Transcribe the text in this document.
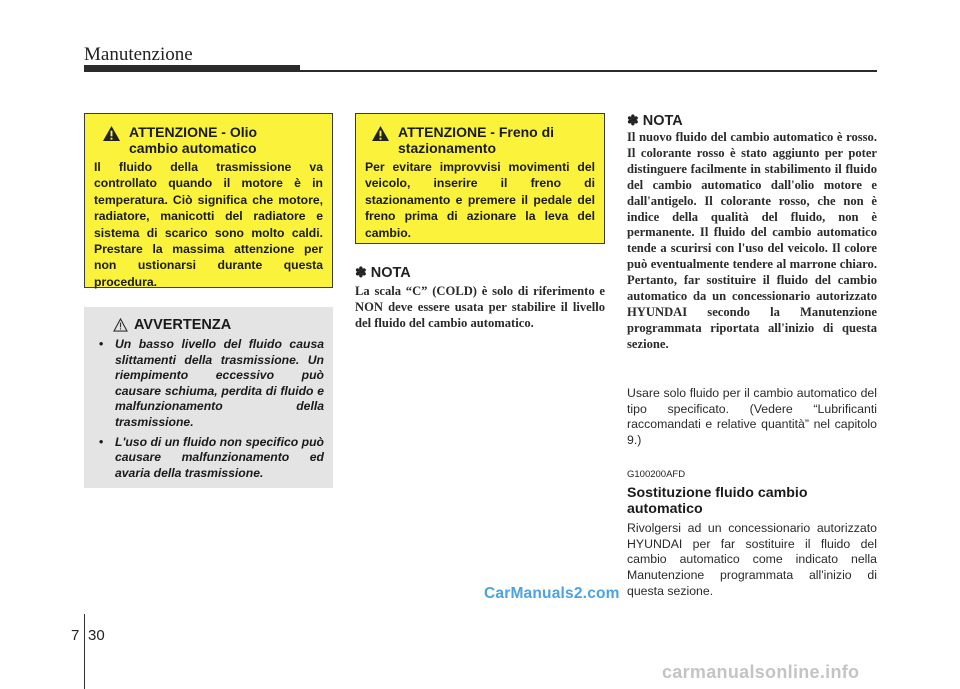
Manutenzione
ATTENZIONE - Olio
cambio automatico
Il fluido della trasmissione va controllato quando il motore è in temperatura. Ciò significa che motore, radiatore, manicotti del radiatore e sistema di scarico sono molto caldi. Prestare la massima attenzione per non ustionarsi durante questa procedura.
AVVERTENZA
• Un basso livello del fluido causa slittamenti della trasmissione. Un riempimento eccessivo può causare schiuma, perdita di fluido e malfunzionamento della trasmissione.
• L'uso di un fluido non specifico può causare malfunzionamento ed avaria della trasmissione.
ATTENZIONE - Freno di
stazionamento
Per evitare improvvisi movimenti del veicolo, inserire il freno di stazionamento e premere il pedale del freno prima di azionare la leva del cambio.
✽ NOTA
La scala “C” (COLD) è solo di riferimento e NON deve essere usata per stabilire il livello del fluido del cambio automatico.
✽ NOTA
Il nuovo fluido del cambio automatico è rosso. Il colorante rosso è stato aggiunto per poter distinguere facilmente in stabilimento il fluido del cambio automatico dall'olio motore e dall'antigelo. Il colorante rosso, che non è indice della qualità del fluido, non è permanente. Il fluido del cambio automatico tende a scurirsi con l'uso del veicolo. Il colore può eventualmente tendere al marrone chiaro. Pertanto, far sostituire il fluido del cambio automatico da un concessionario autorizzato HYUNDAI secondo la Manutenzione programmata riportata all'inizio di questa sezione.
Usare solo fluido per il cambio automatico del tipo specificato. (Vedere “Lubrificanti raccomandati e relative quantità” nel capitolo 9.)
G100200AFD
Sostituzione fluido cambio
automatico
Rivolgersi ad un concessionario autorizzato HYUNDAI per far sostituire il fluido del cambio automatico come indicato nella Manutenzione programmata all'inizio di questa sezione.
7 30
CarManuals2.com
carmanualsonline.info
